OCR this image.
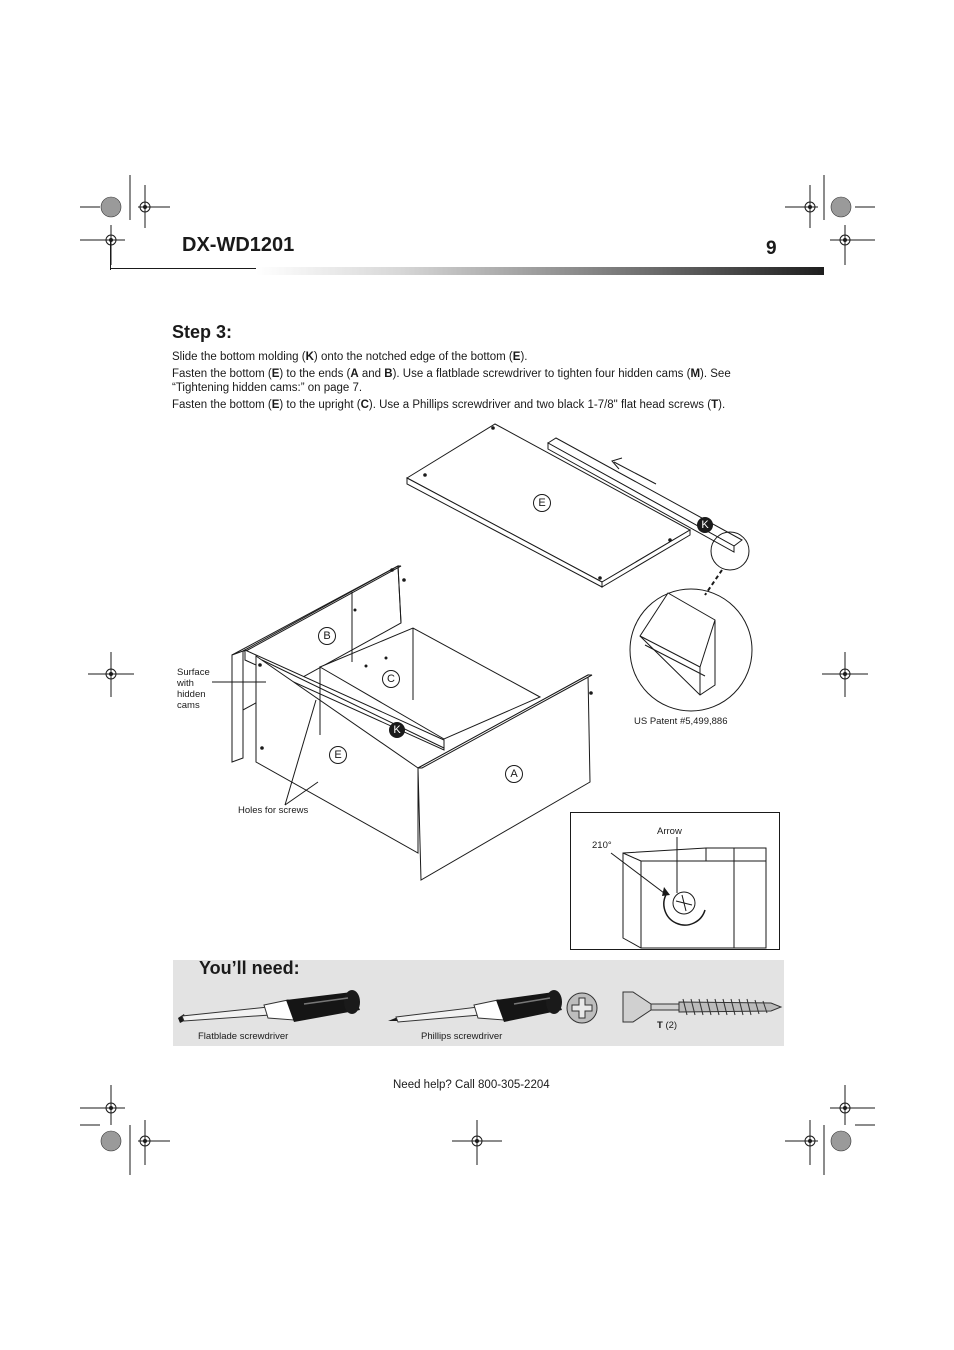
DX-WD1201	9
Step 3:
Slide the bottom molding (K) onto the notched edge of the bottom (E).
Fasten the bottom (E) to the ends (A and B). Use a flatblade screwdriver to tighten four hidden cams (M). See “Tightening hidden cams:” on page 7.
Fasten the bottom (E) to the upright (C). Use a Phillips screwdriver and two black 1-7/8" flat head screws (T).
E
K
B
C
K
E
A
Surface
with
hidden
cams
Holes for screws
US Patent #5,499,886
Arrow
210°
You’ll need:
Flatblade screwdriver	Phillips screwdriver
T (2)
Need help? Call 800-305-2204
